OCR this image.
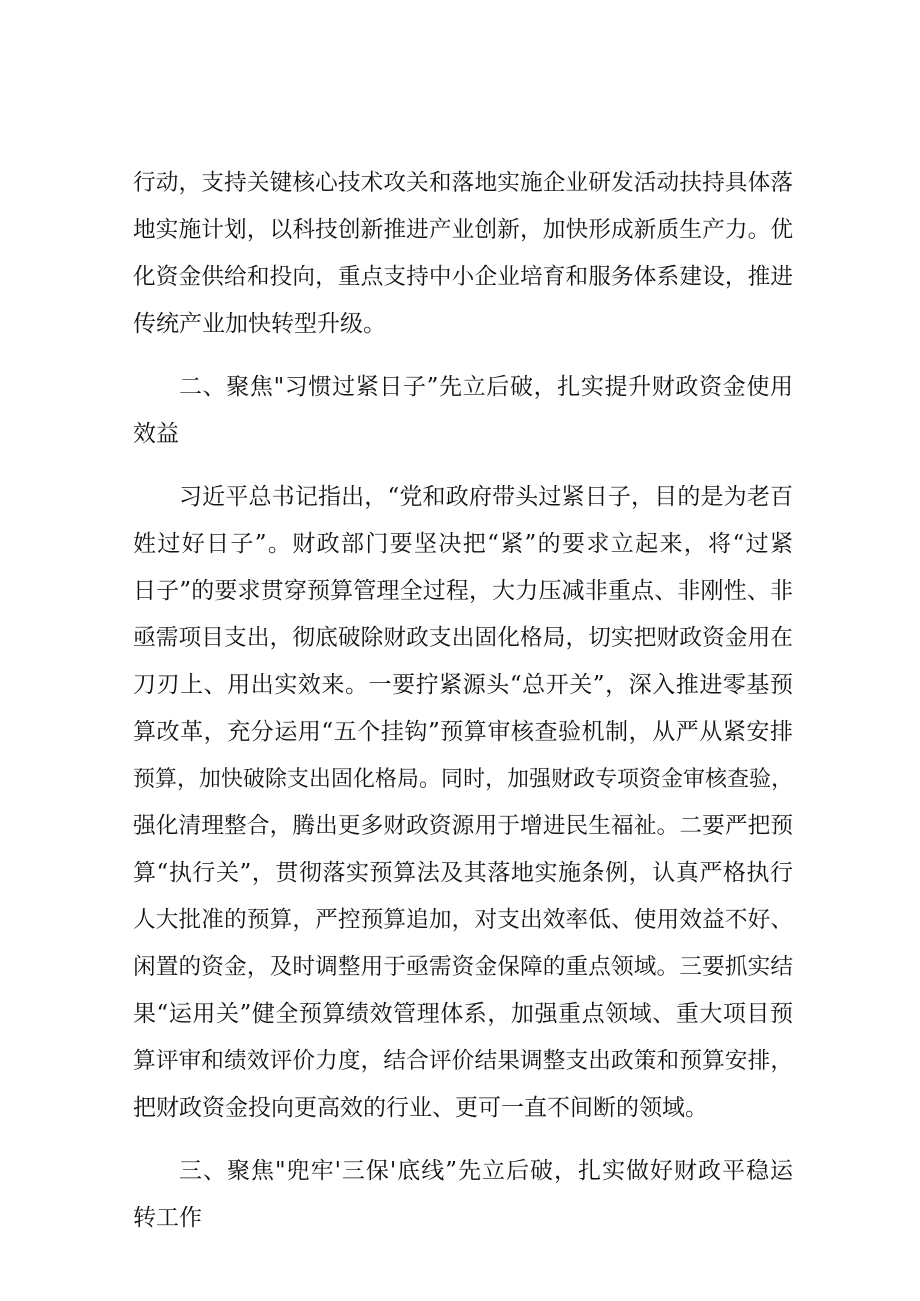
行动，支持关键核心技术攻关和落地实施企业研发活动扶持具体落
地实施计划，以科技创新推进产业创新，加快形成新质生产力。优
化资金供给和投向，重点支持中小企业培育和服务体系建设，推进
传统产业加快转型升级。
二、聚焦"习惯过紧日子”先立后破，扎实提升财政资金使用
效益
习近平总书记指出，“党和政府带头过紧日子，目的是为老百
姓过好日子”。财政部门要坚决把“紧”的要求立起来，将“过紧
日子”的要求贯穿预算管理全过程，大力压减非重点、非刚性、非
亟需项目支出，彻底破除财政支出固化格局，切实把财政资金用在
刀刃上、用出实效来。一要拧紧源头“总开关”，深入推进零基预
算改革，充分运用“五个挂钩”预算审核查验机制，从严从紧安排
预算，加快破除支出固化格局。同时，加强财政专项资金审核查验，
强化清理整合，腾出更多财政资源用于增进民生福祉。二要严把预
算“执行关”，贯彻落实预算法及其落地实施条例，认真严格执行
人大批准的预算，严控预算追加，对支出效率低、使用效益不好、
闲置的资金，及时调整用于亟需资金保障的重点领域。三要抓实结
果“运用关”健全预算绩效管理体系，加强重点领域、重大项目预
算评审和绩效评价力度，结合评价结果调整支出政策和预算安排，
把财政资金投向更高效的行业、更可一直不间断的领域。
三、聚焦"兜牢'三保'底线”先立后破，扎实做好财政平稳运
转工作
